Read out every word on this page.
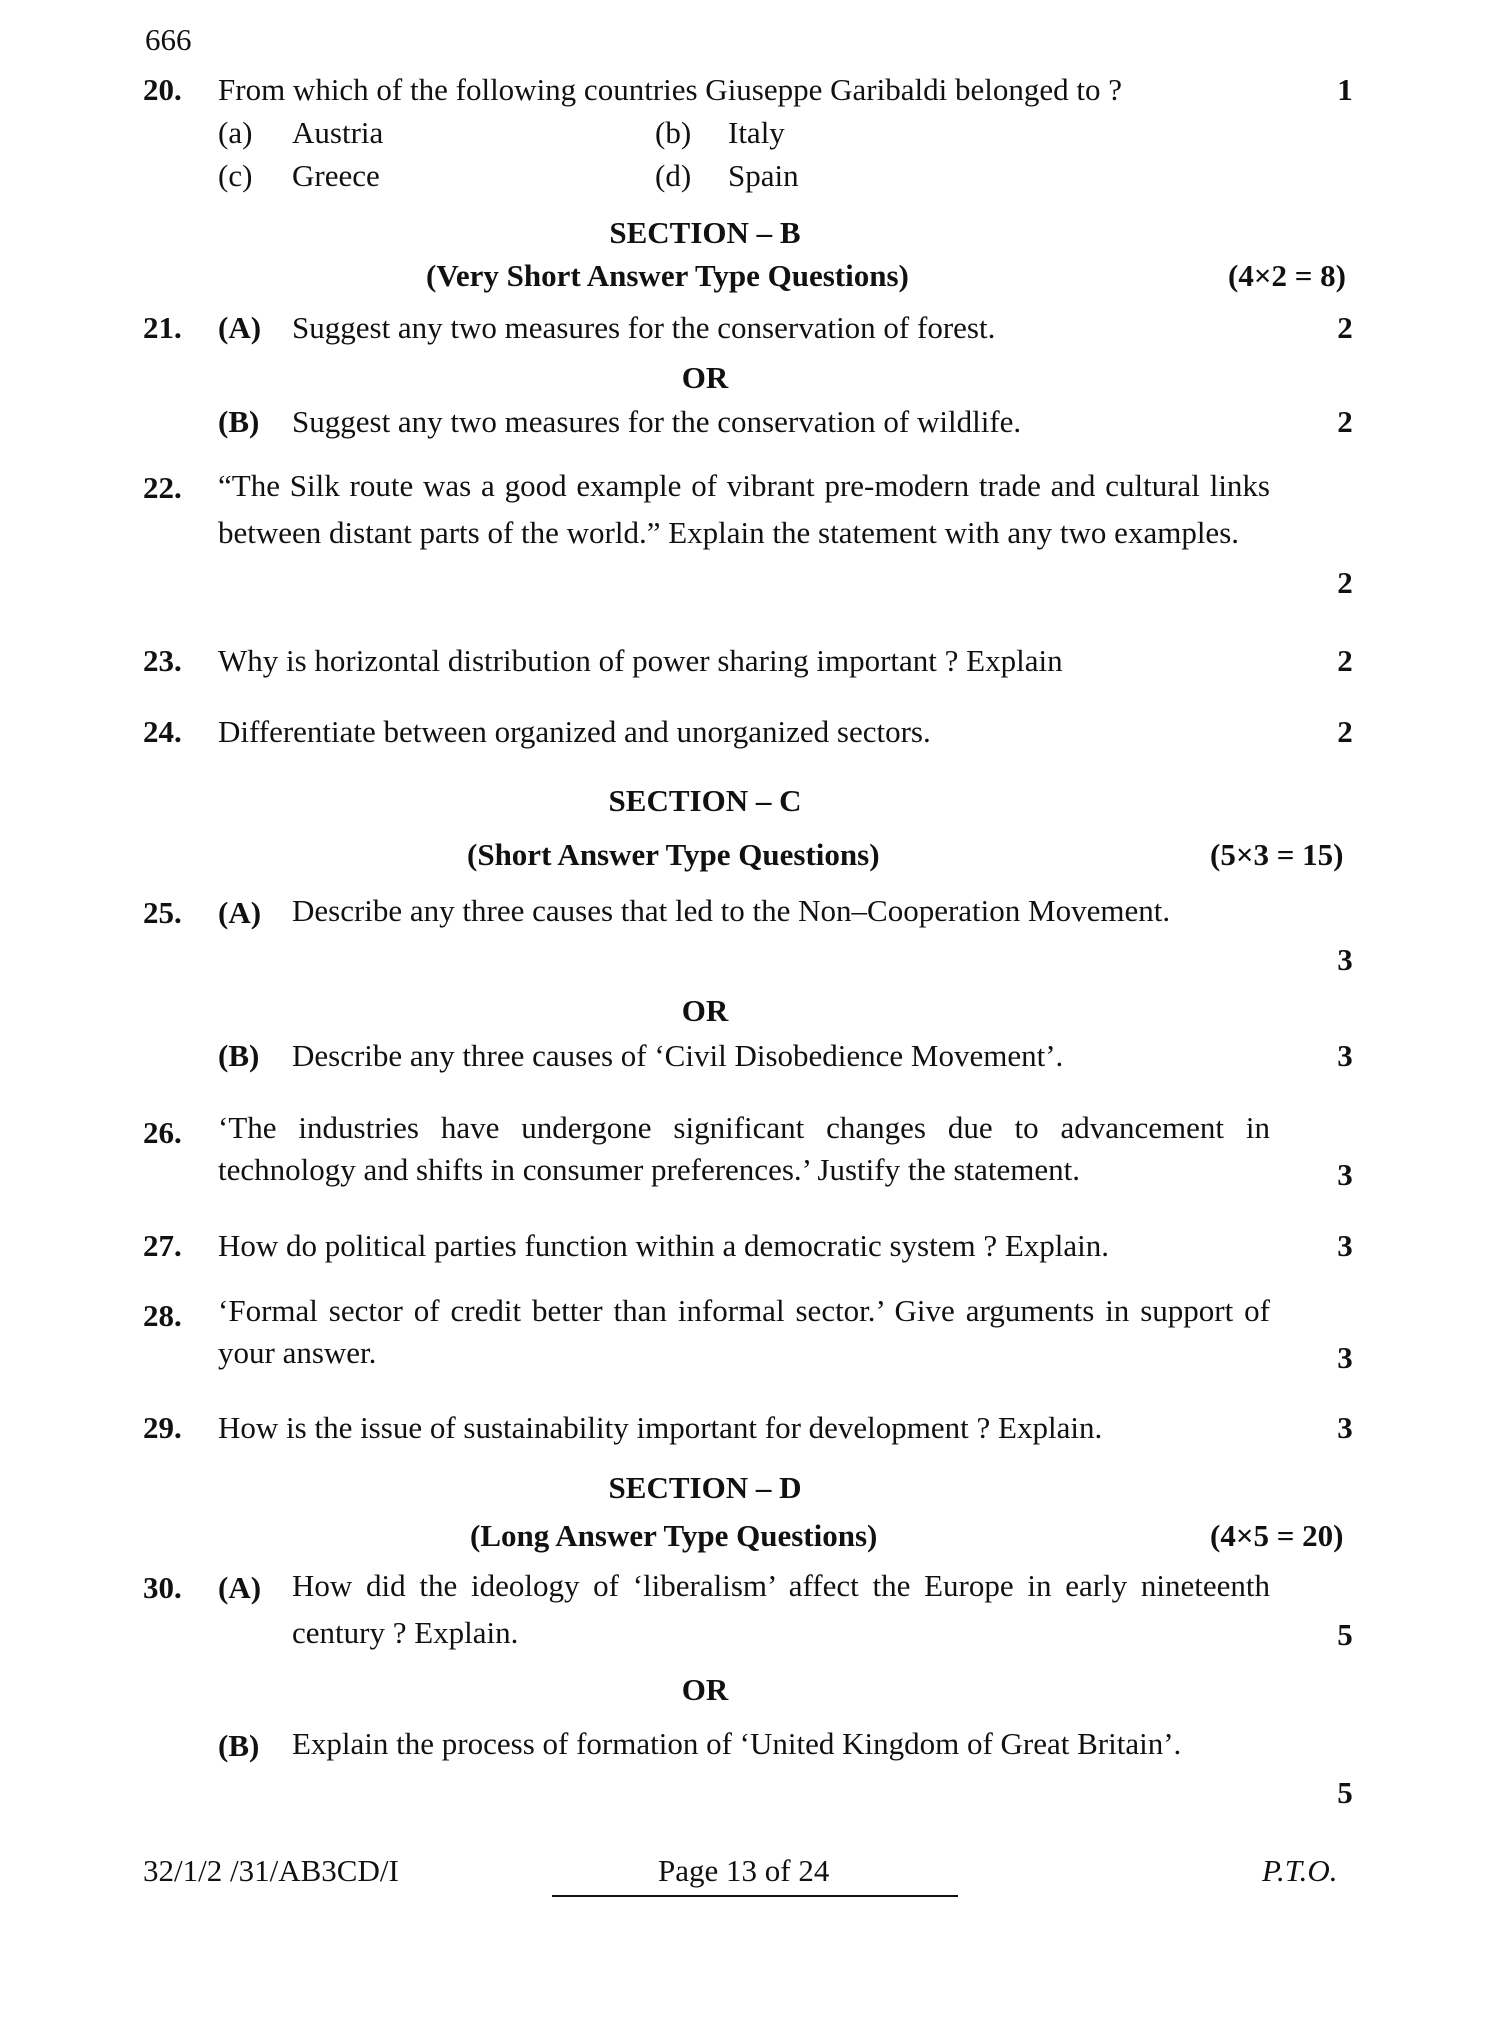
666
20. From which of the following countries Giuseppe Garibaldi belonged to ?	1
(a) Austria	(b) Italy
(c) Greece	(d) Spain
SECTION – B
(Very Short Answer Type Questions)	(4×2 = 8)
21. (A) Suggest any two measures for the conservation of forest.	2
OR
(B) Suggest any two measures for the conservation of wildlife.	2
22. “The Silk route was a good example of vibrant pre-modern trade and cultural links between distant parts of the world.” Explain the statement with any two examples.
2
23. Why is horizontal distribution of power sharing important ? Explain	2
24. Differentiate between organized and unorganized sectors.	2
SECTION – C
(Short Answer Type Questions)	(5×3 = 15)
25. (A) Describe any three causes that led to the Non–Cooperation Movement.
3
OR
(B) Describe any three causes of ‘Civil Disobedience Movement’.	3
26. ‘The industries have undergone significant changes due to advancement in technology and shifts in consumer preferences.’ Justify the statement.	3
27. How do political parties function within a democratic system ? Explain.	3
28. ‘Formal sector of credit better than informal sector.’ Give arguments in support of your answer.	3
29. How is the issue of sustainability important for development ? Explain.	3
SECTION – D
(Long Answer Type Questions)	(4×5 = 20)
30. (A) How did the ideology of ‘liberalism’ affect the Europe in early nineteenth century ? Explain.	5
OR
(B) Explain the process of formation of ‘United Kingdom of Great Britain’.
5
32/1/2 /31/AB3CD/I	Page 13 of 24	P.T.O.
